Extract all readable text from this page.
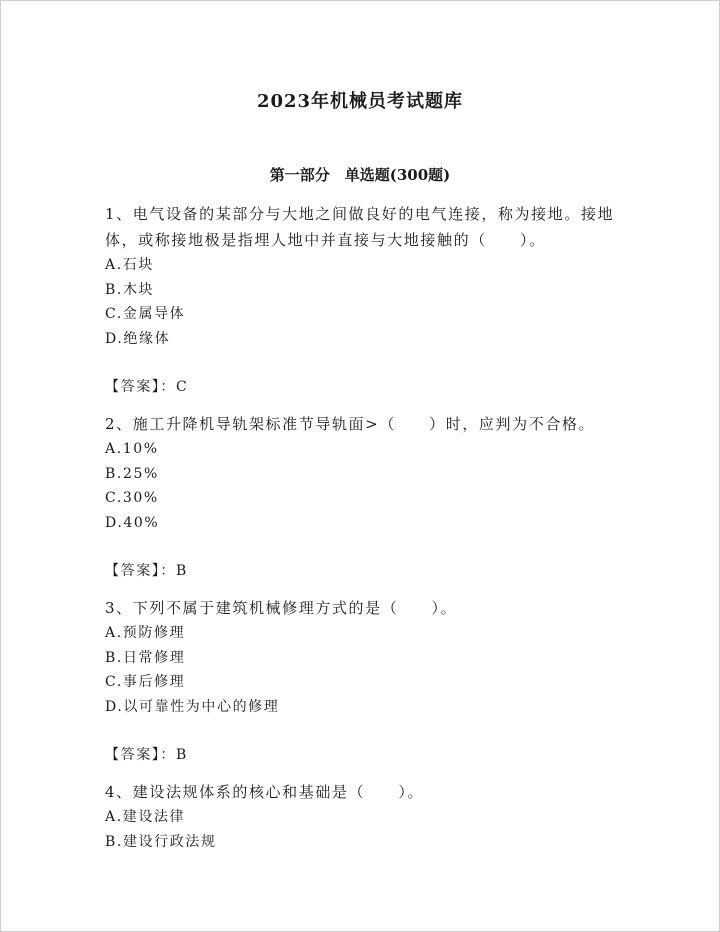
2023年机械员考试题库
第一部分　单选题(300题)

1、电气设备的某部分与大地之间做良好的电气连接，称为接地。接地体，或称接地极是指埋人地中并直接与大地接触的（　　）。

A.石块

B.木块

C.金属导体

D.绝缘体

【答案】：C

2、施工升降机导轨架标准节导轨面>（　　）时，应判为不合格。

A.10%

B.25%

C.30%

D.40%

【答案】：B

3、下列不属于建筑机械修理方式的是（　　）。

A.预防修理

B.日常修理

C.事后修理

D.以可靠性为中心的修理

【答案】：B

4、建设法规体系的核心和基础是（　　）。

A.建设法律

B.建设行政法规
